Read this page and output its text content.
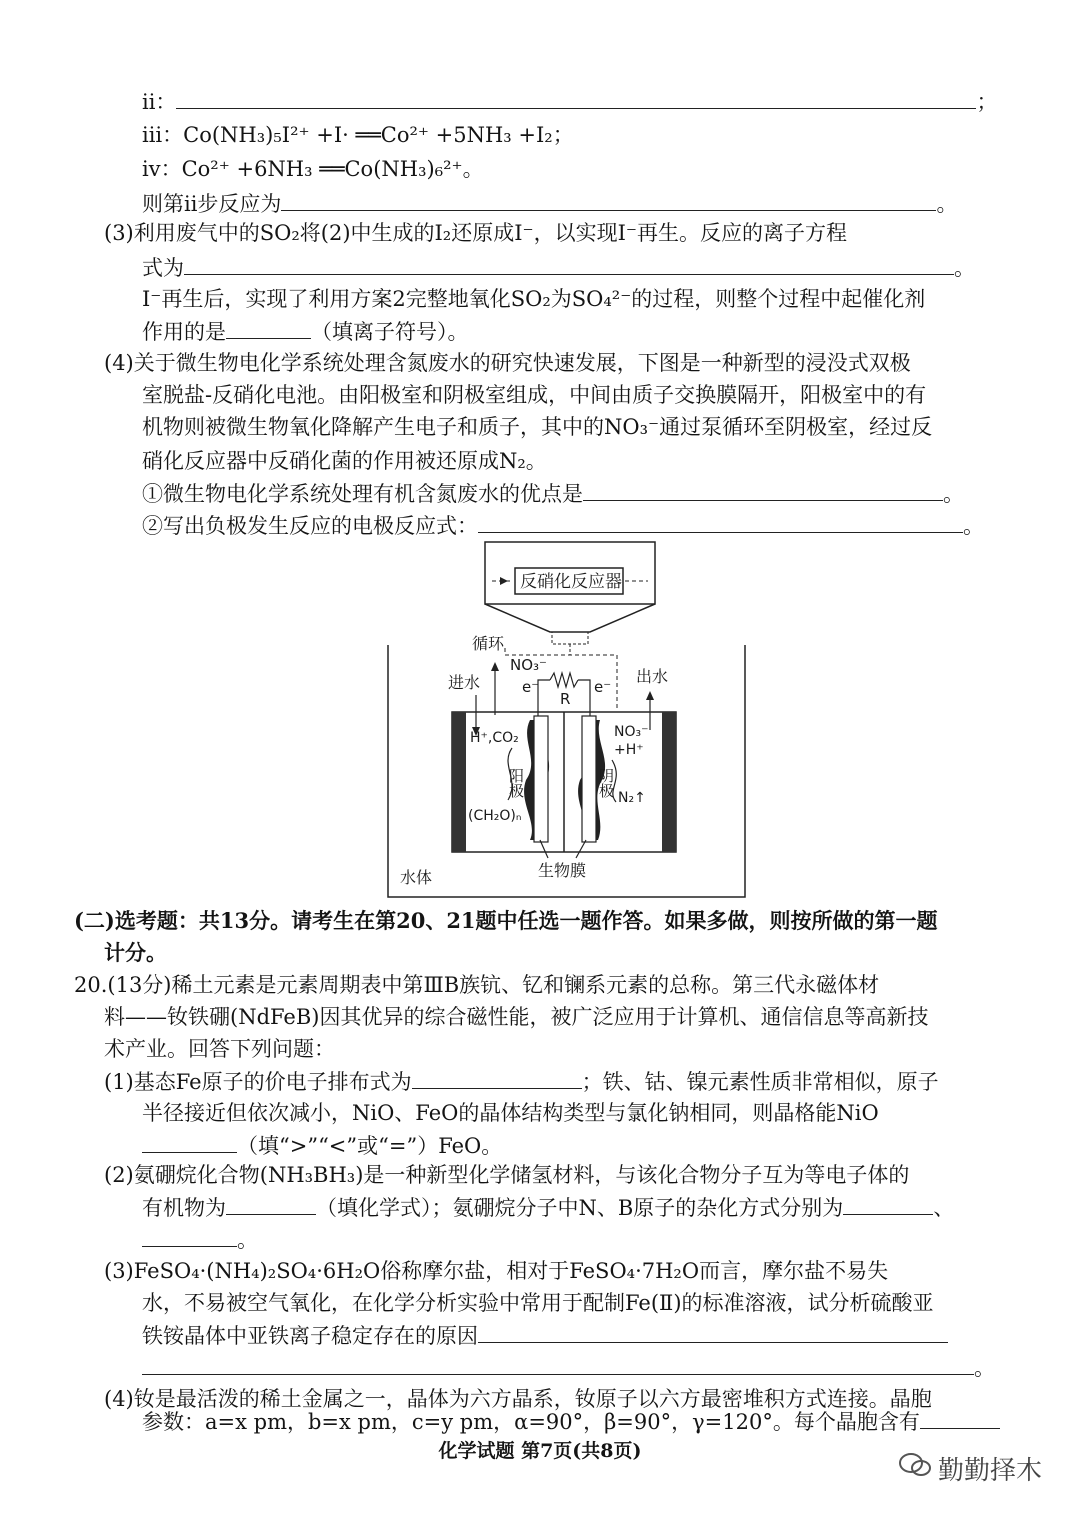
ⅱ：	；
ⅲ：Co(NH₃)₅I²⁺ +I· ══Co²⁺ +5NH₃ +I₂；
ⅳ：Co²⁺ +6NH₃ ══Co(NH₃)₆²⁺。
则第ⅱ步反应为	。
(3)利用废气中的SO₂将(2)中生成的I₂还原成I⁻，以实现I⁻再生。反应的离子方程
式为	。
I⁻再生后，实现了利用方案2完整地氧化SO₂为SO₄²⁻的过程，则整个过程中起催化剂
作用的是	（填离子符号）。
(4)关于微生物电化学系统处理含氮废水的研究快速发展，下图是一种新型的浸没式双极
室脱盐-反硝化电池。由阳极室和阴极室组成，中间由质子交换膜隔开，阳极室中的有
机物则被微生物氧化降解产生电子和质子，其中的NO₃⁻通过泵循环至阴极室，经过反
硝化反应器中反硝化菌的作用被还原成N₂。
①微生物电化学系统处理有机含氮废水的优点是	。
②写出负极发生反应的电极反应式：	。
反硝化反应器
循环
水体
NO₃⁻
R
e⁻	e⁻
进水	出水
阳极	阴极
H⁺,CO₂
(CH₂O)ₙ
NO₃⁻
+H⁺
N₂↑
生物膜
(二)选考题：共13分。请考生在第20、21题中任选一题作答。如果多做，则按所做的第一题
计分。
20.(13分)稀土元素是元素周期表中第ⅢB族钪、钇和镧系元素的总称。第三代永磁体材
料——钕铁硼(NdFeB)因其优异的综合磁性能，被广泛应用于计算机、通信信息等高新技
术产业。回答下列问题：
(1)基态Fe原子的价电子排布式为	；铁、钴、镍元素性质非常相似，原子
半径接近但依次减小，NiO、FeO的晶体结构类型与氯化钠相同，则晶格能NiO
（填“>”“<”或“=”）FeO。
(2)氨硼烷化合物(NH₃BH₃)是一种新型化学储氢材料，与该化合物分子互为等电子体的
有机物为	（填化学式）；氨硼烷分子中N、B原子的杂化方式分别为	、
。
(3)FeSO₄·(NH₄)₂SO₄·6H₂O俗称摩尔盐，相对于FeSO₄·7H₂O而言，摩尔盐不易失
水，不易被空气氧化，在化学分析实验中常用于配制Fe(Ⅱ)的标准溶液，试分析硫酸亚
铁铵晶体中亚铁离子稳定存在的原因
。
(4)钕是最活泼的稀土金属之一，晶体为六方晶系，钕原子以六方最密堆积方式连接。晶胞
参数：a=x pm，b=x pm，c=y pm，α=90°，β=90°，γ=120°。每个晶胞含有
化学试题 第7页(共8页)
勤勤择木
